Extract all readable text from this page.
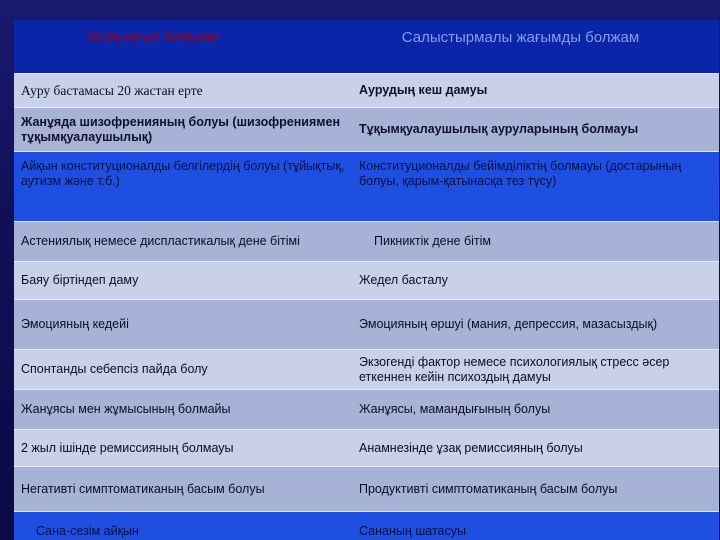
Жағымсыз болжам	Салыстырмалы жағымды болжам
Ауру бастамасы 20 жастан ерте	Аурудың кеш дамуы
Жанұяда шизофренияның болуы (шизофрениямен тұқымқуалаушылық)	Тұқымқуалаушылық ауруларының болмауы
Айқын конституционалды белгілердің болуы (тұйықтық, аутизм және т.б.)	Конституционалды бейімділіктің болмауы (достарының болуы, қарым-қатынасқа тез түсу)
Астениялық немесе диспластикалық дене бітімі	Пикниктік дене бітім
Баяу біртіндеп даму	Жедел басталу
Эмоцияның кедейі	Эмоцияның өршуі (мания, депрессия, мазасыздық)
Спонтанды себепсіз пайда болу	Экзогенді фактор немесе психологиялық стресс әсер еткеннен кейін психоздың дамуы
Жанұясы мен жұмысының болмайы	Жанұясы, мамандығының болуы
2 жыл ішінде ремиссияның болмауы	Анамнезінде ұзақ ремиссияның болуы
Негативті симптоматиканың басым болуы	Продуктивті симптоматиканың басым болуы
Сана-сезім айқын	Сананың шатасуы
